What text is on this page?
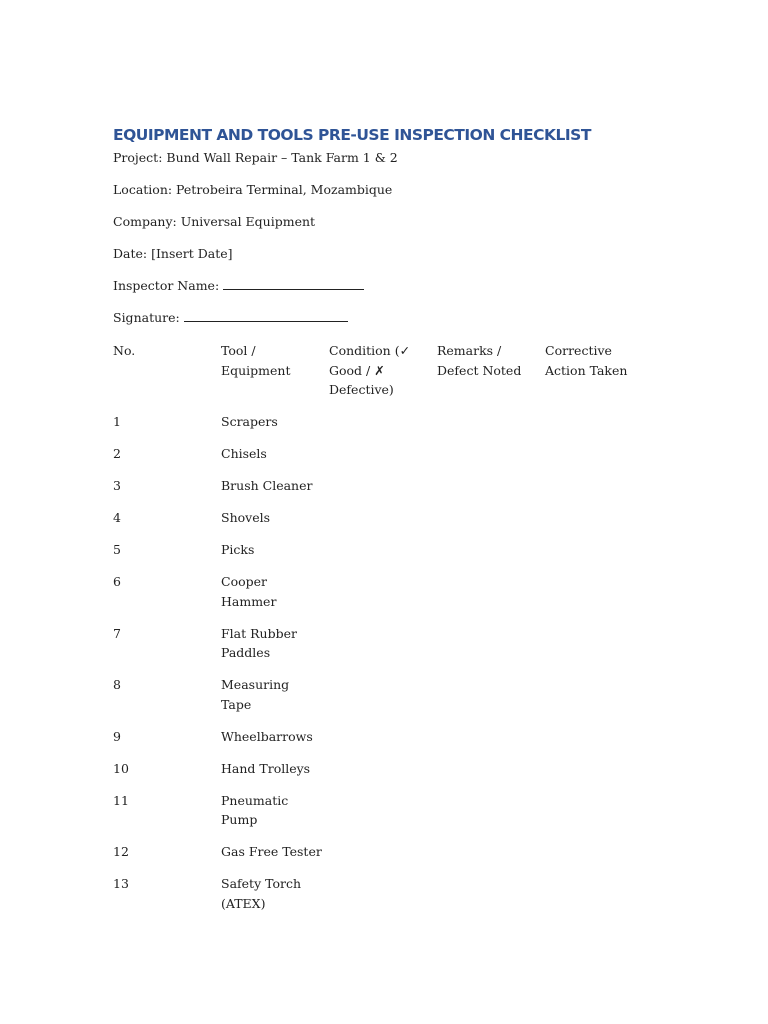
EQUIPMENT AND TOOLS PRE-USE INSPECTION CHECKLIST

Project: Bund Wall Repair – Tank Farm 1 & 2

Location: Petrobeira Terminal, Mozambique

Company: Universal Equipment

Date: [Insert Date]

Inspector Name:

Signature:

No.	Tool / Equipment	Condition (✓ Good / ✗ Defective)	Remarks / Defect Noted	Corrective Action Taken
1	Scrapers			
2	Chisels			
3	Brush Cleaner			
4	Shovels			
5	Picks			
6	Cooper Hammer			
7	Flat Rubber Paddles			
8	Measuring Tape			
9	Wheelbarrows			
10	Hand Trolleys			
11	Pneumatic Pump			
12	Gas Free Tester			
13	Safety Torch (ATEX)			
